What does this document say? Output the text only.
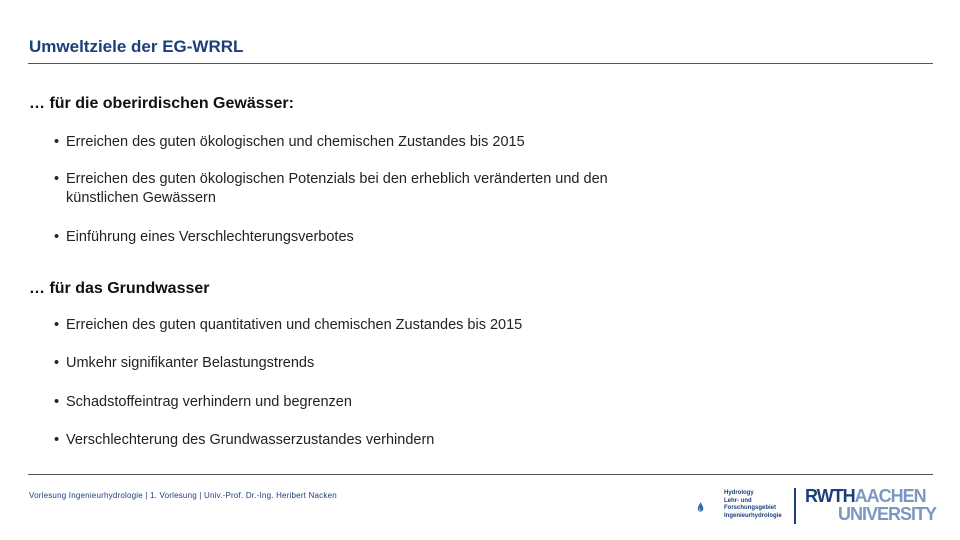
Umweltziele der EG-WRRL
… für die oberirdischen Gewässer:
• Erreichen des guten ökologischen und chemischen Zustandes bis 2015
• Erreichen des guten ökologischen Potenzials bei den erheblich veränderten und den künstlichen Gewässern
• Einführung eines Verschlechterungsverbotes
… für das Grundwasser
• Erreichen des guten quantitativen und chemischen Zustandes bis 2015
• Umkehr signifikanter Belastungstrends
• Schadstoffeintrag verhindern und begrenzen
• Verschlechterung des Grundwasserzustandes verhindern
Vorlesung Ingenieurhydrologie | 1. Vorlesung | Univ.-Prof. Dr.-Ing. Heribert Nacken	Hydrology
Lehr- und
Forschungsgebiet
Ingenieurhydrologie
RWTHAACHEN
UNIVERSITY
